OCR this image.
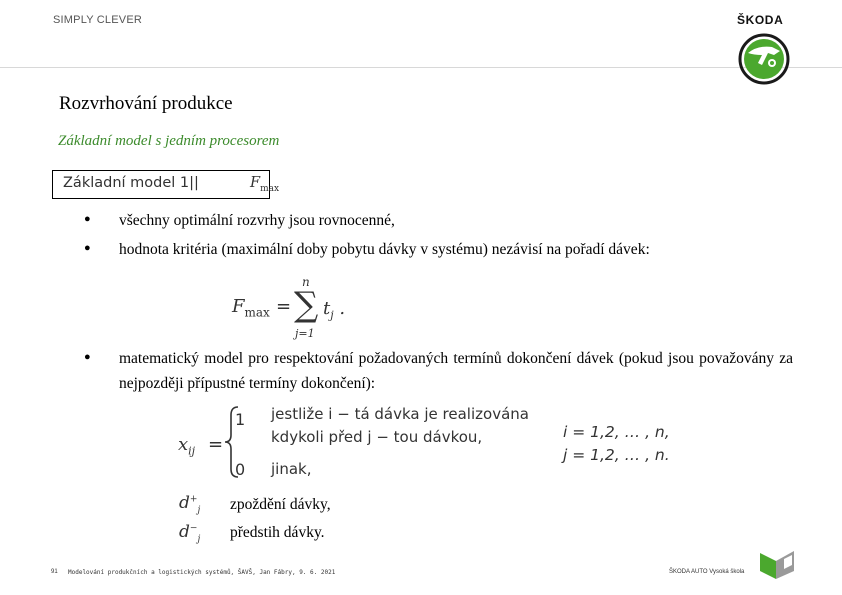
SIMPLY CLEVER	ŠKODA
Rozvrhování produkce
Základní model s jedním procesorem
Základní model 1||	$F_{max}$
● všechny optimální rozvrhy jsou rovnocenné,
● hodnota kritéria (maximální doby pobytu dávky v systému) nezávisí na pořadí dávek:
$F_{max}$ =
n
∑
j=1
$t_j$ .
● matematický model pro respektování požadovaných termínů dokončení dávek (pokud jsou považovány za nejpozději přípustné termíny dokončení):
$x_{ij}$ =
1
0
jestliže i − tá dávka je realizována
kdykoli před j − tou dávkou,
jinak,
i = 1,2, … , n,
j = 1,2, … , n.
$d^+_j$ zpoždění dávky,
$d^-_j$ předstih dávky.
91 Modelování produkčních a logistických systémů, ŠAVŠ, Jan Fábry, 9. 6. 2021	ŠKODA AUTO Vysoká škola
